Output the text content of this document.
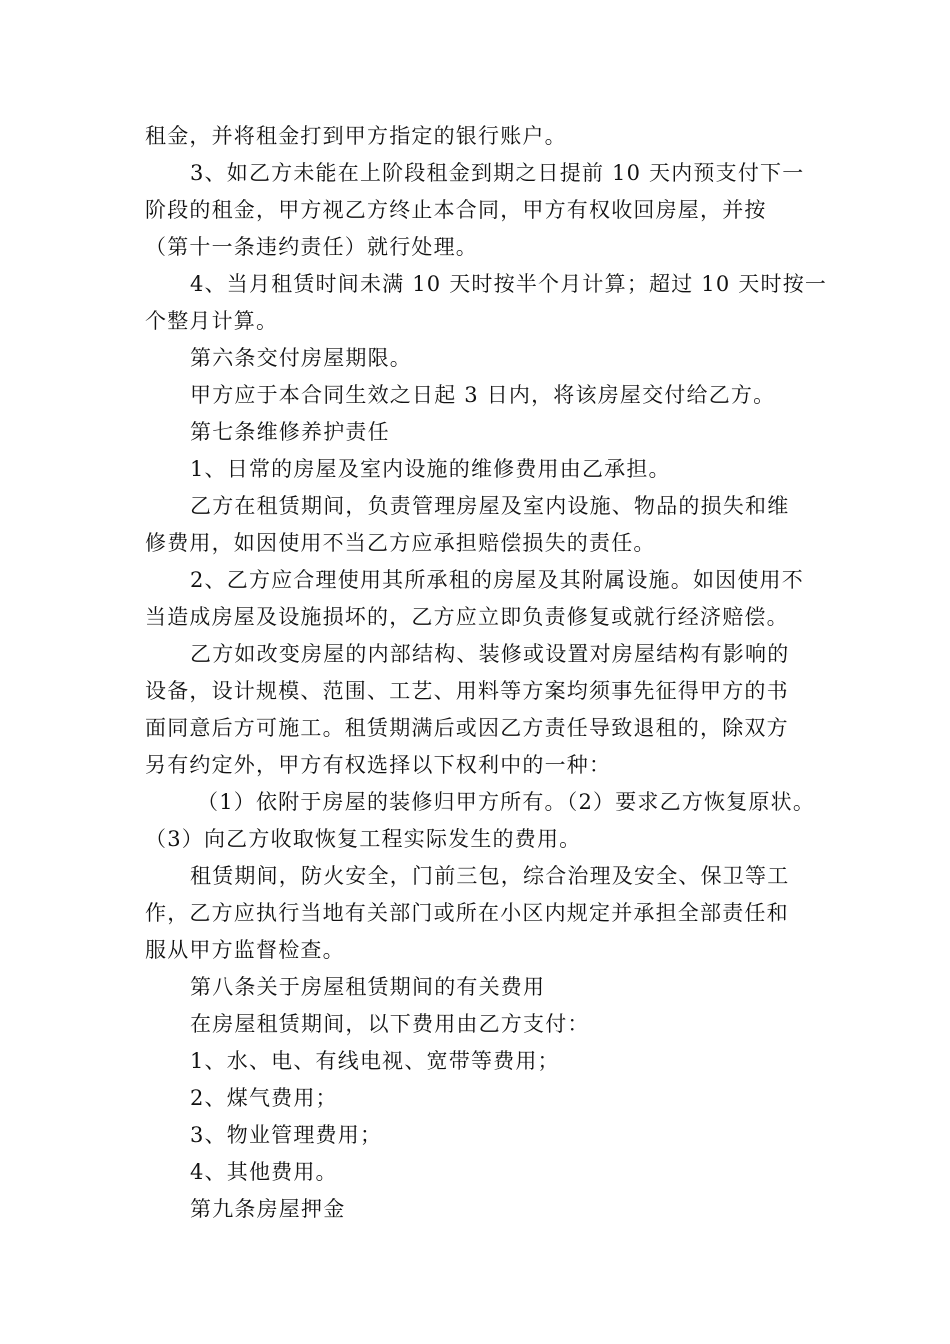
租金，并将租金打到甲方指定的银行账户。
3、如乙方未能在上阶段租金到期之日提前 10 天内预支付下一
阶段的租金，甲方视乙方终止本合同，甲方有权收回房屋，并按
（第十一条违约责任）就行处理。
4、当月租赁时间未满 10 天时按半个月计算；超过 10 天时按一
个整月计算。
第六条交付房屋期限。
甲方应于本合同生效之日起 3 日内，将该房屋交付给乙方。
第七条维修养护责任
1、日常的房屋及室内设施的维修费用由乙承担。
乙方在租赁期间，负责管理房屋及室内设施、物品的损失和维
修费用，如因使用不当乙方应承担赔偿损失的责任。
2、乙方应合理使用其所承租的房屋及其附属设施。如因使用不
当造成房屋及设施损坏的，乙方应立即负责修复或就行经济赔偿。
乙方如改变房屋的内部结构、装修或设置对房屋结构有影响的
设备，设计规模、范围、工艺、用料等方案均须事先征得甲方的书
面同意后方可施工。租赁期满后或因乙方责任导致退租的，除双方
另有约定外，甲方有权选择以下权利中的一种：
（1）依附于房屋的装修归甲方所有。（2）要求乙方恢复原状。
（3）向乙方收取恢复工程实际发生的费用。
租赁期间，防火安全，门前三包，综合治理及安全、保卫等工
作，乙方应执行当地有关部门或所在小区内规定并承担全部责任和
服从甲方监督检查。
第八条关于房屋租赁期间的有关费用
在房屋租赁期间，以下费用由乙方支付：
1、水、电、有线电视、宽带等费用；
2、煤气费用；
3、物业管理费用；
4、其他费用。
第九条房屋押金
